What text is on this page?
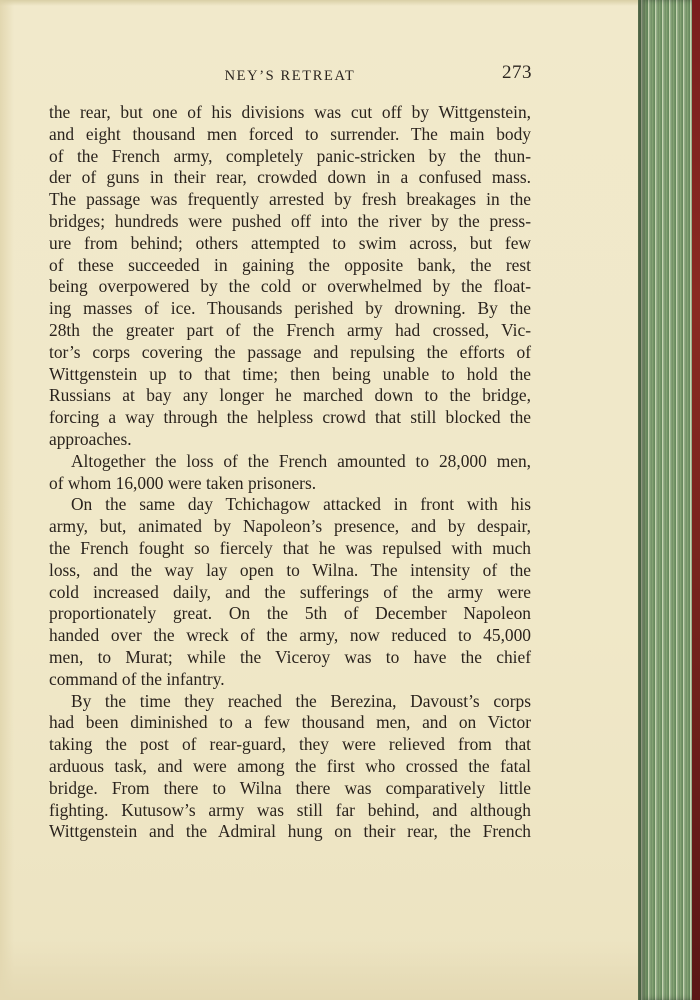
NEY’S RETREAT	273
the rear, but one of his divisions was cut off by Wittgenstein,
and eight thousand men forced to surrender. The main body
of the French army, completely panic-stricken by the thun-
der of guns in their rear, crowded down in a confused mass.
The passage was frequently arrested by fresh breakages in the
bridges; hundreds were pushed off into the river by the press-
ure from behind; others attempted to swim across, but few
of these succeeded in gaining the opposite bank, the rest
being overpowered by the cold or overwhelmed by the float-
ing masses of ice. Thousands perished by drowning. By the
28th the greater part of the French army had crossed, Vic-
tor’s corps covering the passage and repulsing the efforts of
Wittgenstein up to that time; then being unable to hold the
Russians at bay any longer he marched down to the bridge,
forcing a way through the helpless crowd that still blocked the
approaches.
Altogether the loss of the French amounted to 28,000 men,
of whom 16,000 were taken prisoners.
On the same day Tchichagow attacked in front with his
army, but, animated by Napoleon’s presence, and by despair,
the French fought so fiercely that he was repulsed with much
loss, and the way lay open to Wilna. The intensity of the
cold increased daily, and the sufferings of the army were
proportionately great. On the 5th of December Napoleon
handed over the wreck of the army, now reduced to 45,000
men, to Murat; while the Viceroy was to have the chief
command of the infantry.
By the time they reached the Berezina, Davoust’s corps
had been diminished to a few thousand men, and on Victor
taking the post of rear-guard, they were relieved from that
arduous task, and were among the first who crossed the fatal
bridge. From there to Wilna there was comparatively little
fighting. Kutusow’s army was still far behind, and although
Wittgenstein and the Admiral hung on their rear, the French
